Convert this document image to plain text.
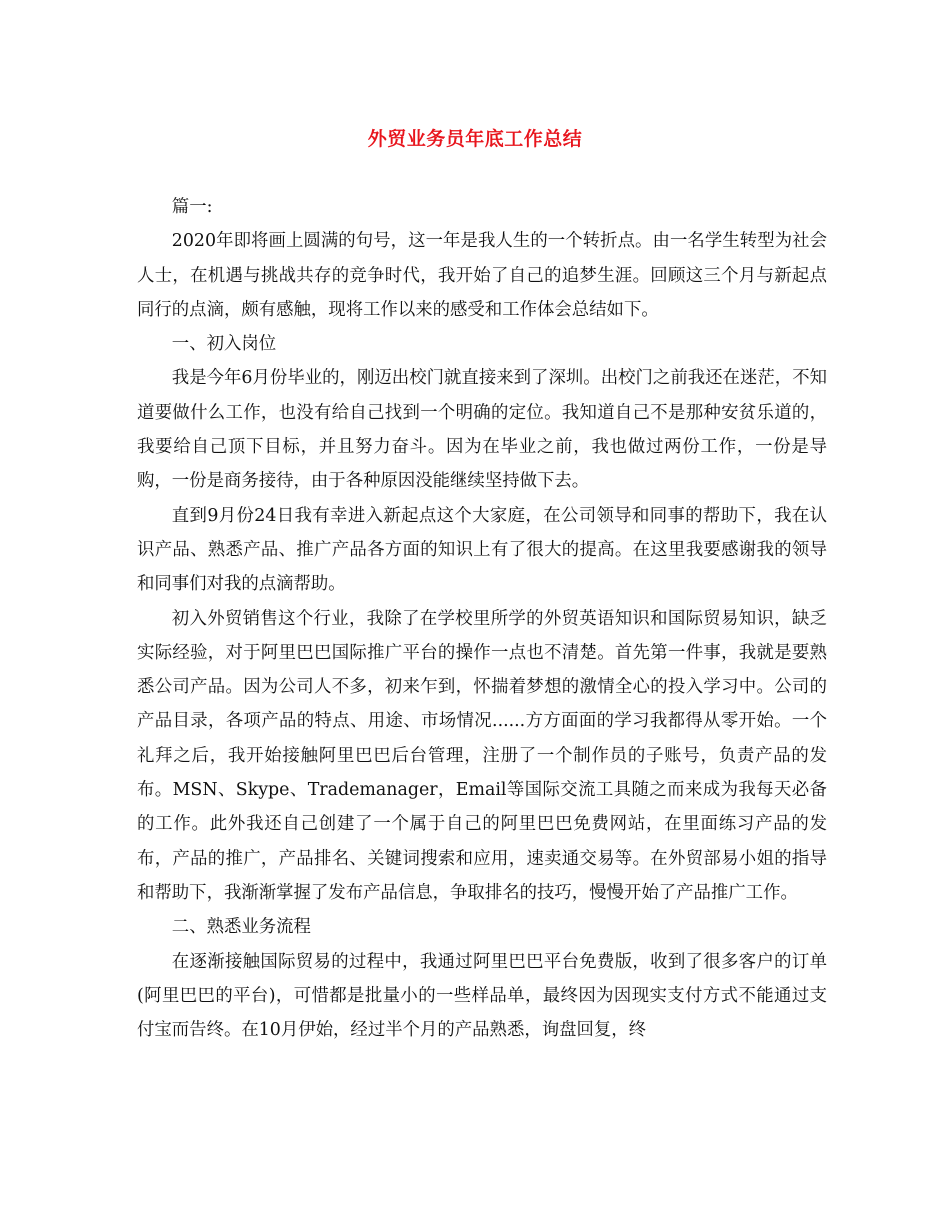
外贸业务员年底工作总结

篇一:

2020年即将画上圆满的句号，这一年是我人生的一个转折点。由一名学生转型为社会人士，在机遇与挑战共存的竞争时代，我开始了自己的追梦生涯。回顾这三个月与新起点同行的点滴，颇有感触，现将工作以来的感受和工作体会总结如下。

一、初入岗位

我是今年6月份毕业的，刚迈出校门就直接来到了深圳。出校门之前我还在迷茫，不知道要做什么工作，也没有给自己找到一个明确的定位。我知道自己不是那种安贫乐道的，我要给自己顶下目标，并且努力奋斗。因为在毕业之前，我也做过两份工作，一份是导购，一份是商务接待，由于各种原因没能继续坚持做下去。

直到9月份24日我有幸进入新起点这个大家庭，在公司领导和同事的帮助下，我在认识产品、熟悉产品、推广产品各方面的知识上有了很大的提高。在这里我要感谢我的领导和同事们对我的点滴帮助。

初入外贸销售这个行业，我除了在学校里所学的外贸英语知识和国际贸易知识，缺乏实际经验，对于阿里巴巴国际推广平台的操作一点也不清楚。首先第一件事，我就是要熟悉公司产品。因为公司人不多，初来乍到，怀揣着梦想的激情全心的投入学习中。公司的产品目录，各项产品的特点、用途、市场情况......方方面面的学习我都得从零开始。一个礼拜之后，我开始接触阿里巴巴后台管理，注册了一个制作员的子账号，负责产品的发布。MSN、Skype、Trademanager，Email等国际交流工具随之而来成为我每天必备的工作。此外我还自己创建了一个属于自己的阿里巴巴免费网站，在里面练习产品的发布，产品的推广，产品排名、关键词搜索和应用，速卖通交易等。在外贸部易小姐的指导和帮助下，我渐渐掌握了发布产品信息，争取排名的技巧，慢慢开始了产品推广工作。

二、熟悉业务流程

在逐渐接触国际贸易的过程中，我通过阿里巴巴平台免费版，收到了很多客户的订单(阿里巴巴的平台)，可惜都是批量小的一些样品单，最终因为因现实支付方式不能通过支付宝而告终。在10月伊始，经过半个月的产品熟悉，询盘回复，终
